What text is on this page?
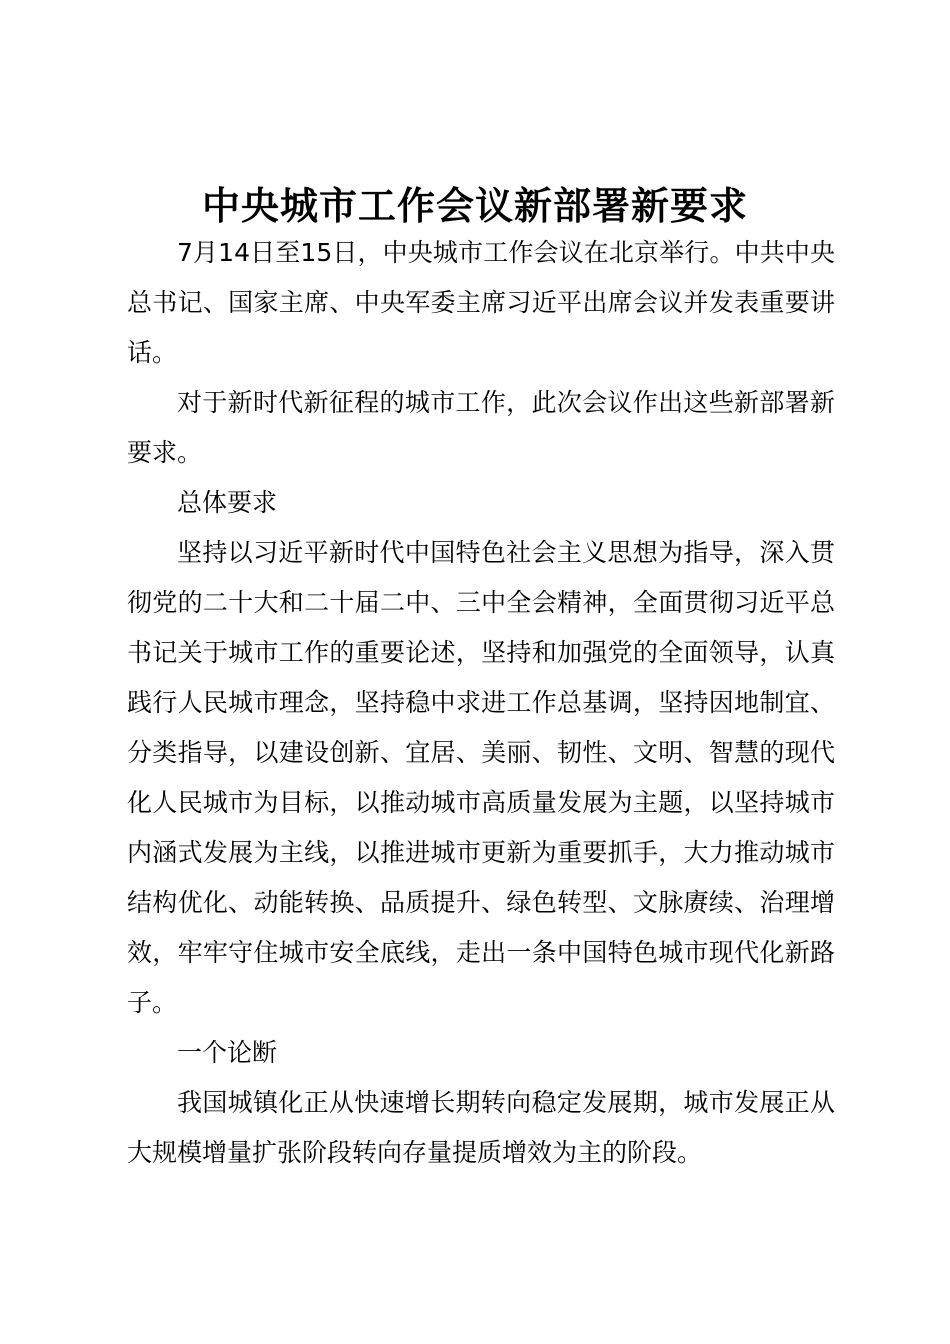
中央城市工作会议新部署新要求

7月14日至15日，中央城市工作会议在北京举行。中共中央总书记、国家主席、中央军委主席习近平出席会议并发表重要讲话。

对于新时代新征程的城市工作，此次会议作出这些新部署新要求。

总体要求

坚持以习近平新时代中国特色社会主义思想为指导，深入贯彻党的二十大和二十届二中、三中全会精神，全面贯彻习近平总书记关于城市工作的重要论述，坚持和加强党的全面领导，认真践行人民城市理念，坚持稳中求进工作总基调，坚持因地制宜、分类指导，以建设创新、宜居、美丽、韧性、文明、智慧的现代化人民城市为目标，以推动城市高质量发展为主题，以坚持城市内涵式发展为主线，以推进城市更新为重要抓手，大力推动城市结构优化、动能转换、品质提升、绿色转型、文脉赓续、治理增效，牢牢守住城市安全底线，走出一条中国特色城市现代化新路子。

一个论断

我国城镇化正从快速增长期转向稳定发展期，城市发展正从大规模增量扩张阶段转向存量提质增效为主的阶段。
